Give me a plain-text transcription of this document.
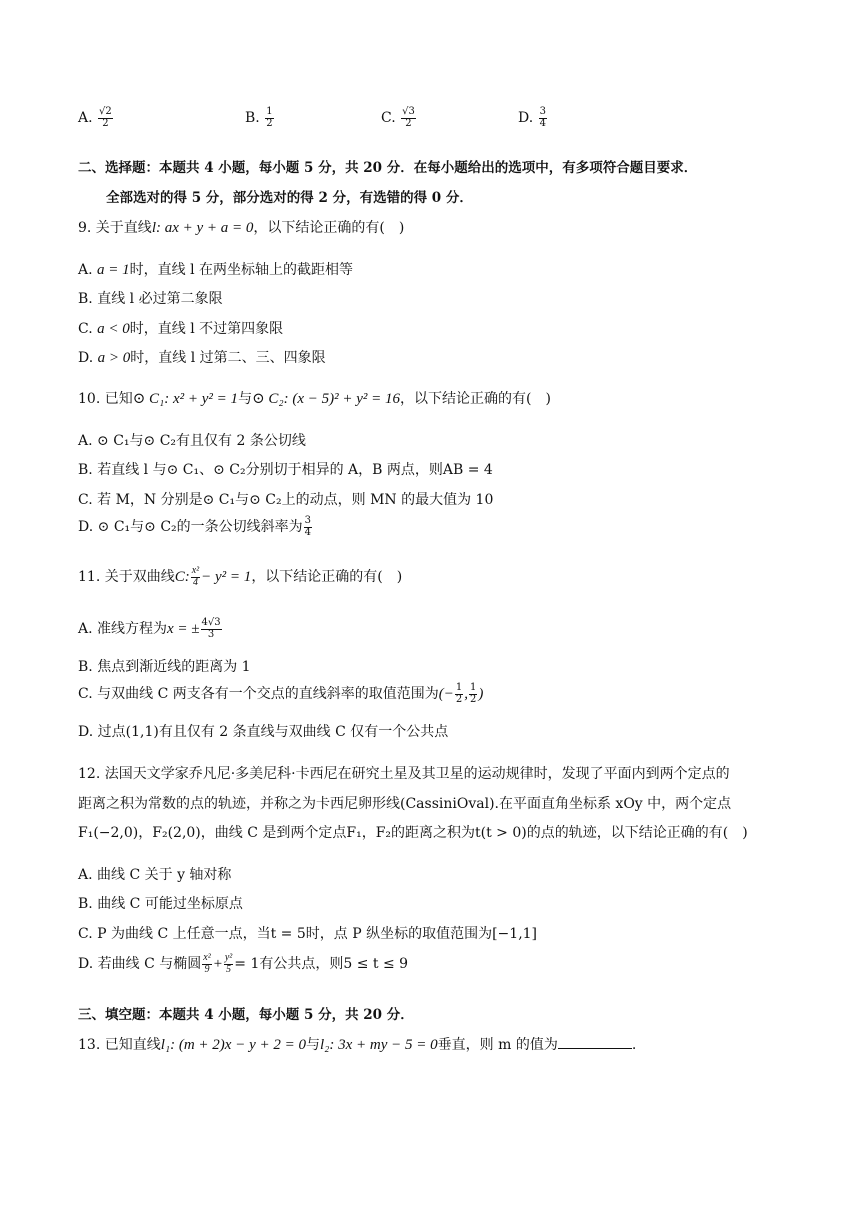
A. $\frac{√2}{2}$	B. $\frac{1}{2}$	C. $\frac{√3}{2}$	D. $\frac{3}{4}$
二、选择题：本题共 4 小题，每小题 5 分，共 20 分．在每小题给出的选项中，有多项符合题目要求．
全部选对的得 5 分，部分选对的得 2 分，有选错的得 0 分．
9. 关于直线l: ax + y + a = 0，以下结论正确的有(　)
A. a = 1时，直线 l 在两坐标轴上的截距相等
B. 直线 l 必过第二象限
C. a < 0时，直线 l 不过第四象限
D. a > 0时，直线 l 过第二、三、四象限
10. 已知⊙ C₁: x² + y² = 1与⊙ C₂: (x − 5)² + y² = 16，以下结论正确的有(　)
A. ⊙ C₁与⊙ C₂有且仅有 2 条公切线
B. 若直线 l 与⊙ C₁、⊙ C₂分别切于相异的 A，B 两点，则AB = 4
C. 若 M，N 分别是⊙ C₁与⊙ C₂上的动点，则 MN 的最大值为 10
D. ⊙ C₁与⊙ C₂的一条公切线斜率为 $\frac{3}{4}$
11. 关于双曲线C: $\frac{\text{x²}}{4} - y^2 = 1$，以下结论正确的有(　)
A. 准线方程为x = ± $\frac{4√3}{3}$
B. 焦点到渐近线的距离为 1
C. 与双曲线 C 两支各有一个交点的直线斜率的取值范围为(− $\frac{1}{2}$ , $\frac{1}{2}$ )
D. 过点(1,1)有且仅有 2 条直线与双曲线 C 仅有一个公共点
12. 法国天文学家乔凡尼·多美尼科·卡西尼在研究土星及其卫星的运动规律时，发现了平面内到两个定点的
距离之积为常数的点的轨迹，并称之为卡西尼卵形线(CassiniOval).在平面直角坐标系 xOy 中，两个定点
F₁(−2,0)，F₂(2,0)，曲线 C 是到两个定点F₁，F₂的距离之积为t(t > 0)的点的轨迹，以下结论正确的有(　)
A. 曲线 C 关于 y 轴对称
B. 曲线 C 可能过坐标原点
C. P 为曲线 C 上任意一点，当t = 5时，点 P 纵坐标的取值范围为[−1,1]
D. 若曲线 C 与椭圆 $\frac{\text{x²}}{9} + \frac{\text{y²}}{5} = 1$有公共点，则5 ≤ t ≤ 9
三、填空题：本题共 4 小题，每小题 5 分，共 20 分．
13. 已知直线l₁: (m + 2)x − y + 2 = 0与l₂: 3x + my − 5 = 0垂直，则 m 的值为	.
